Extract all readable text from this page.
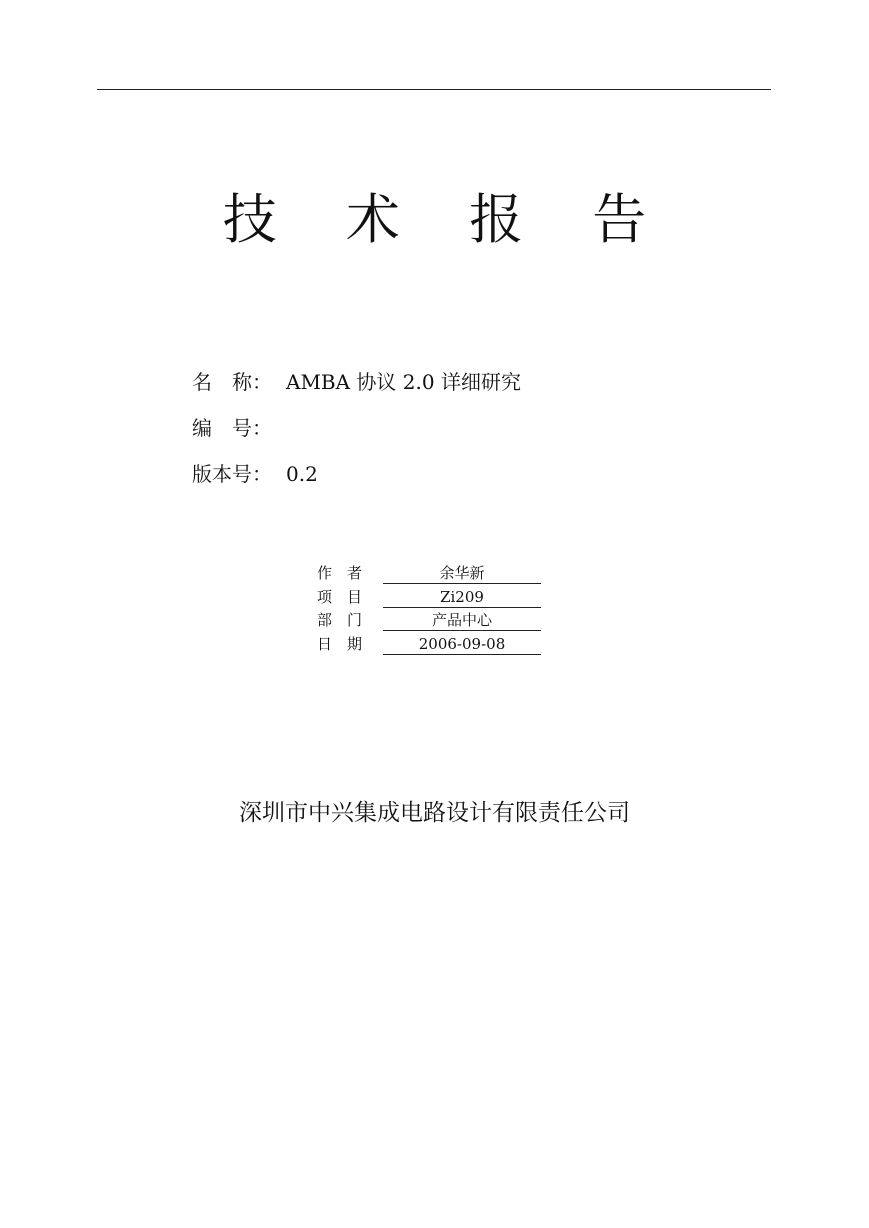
技 术 报 告
名　称： AMBA 协议 2.0 详细研究
编　号：
版本号： 0.2
作　者	余华新
项　目	Zi209
部　门	产品中心
日　期	2006-09-08
深圳市中兴集成电路设计有限责任公司
